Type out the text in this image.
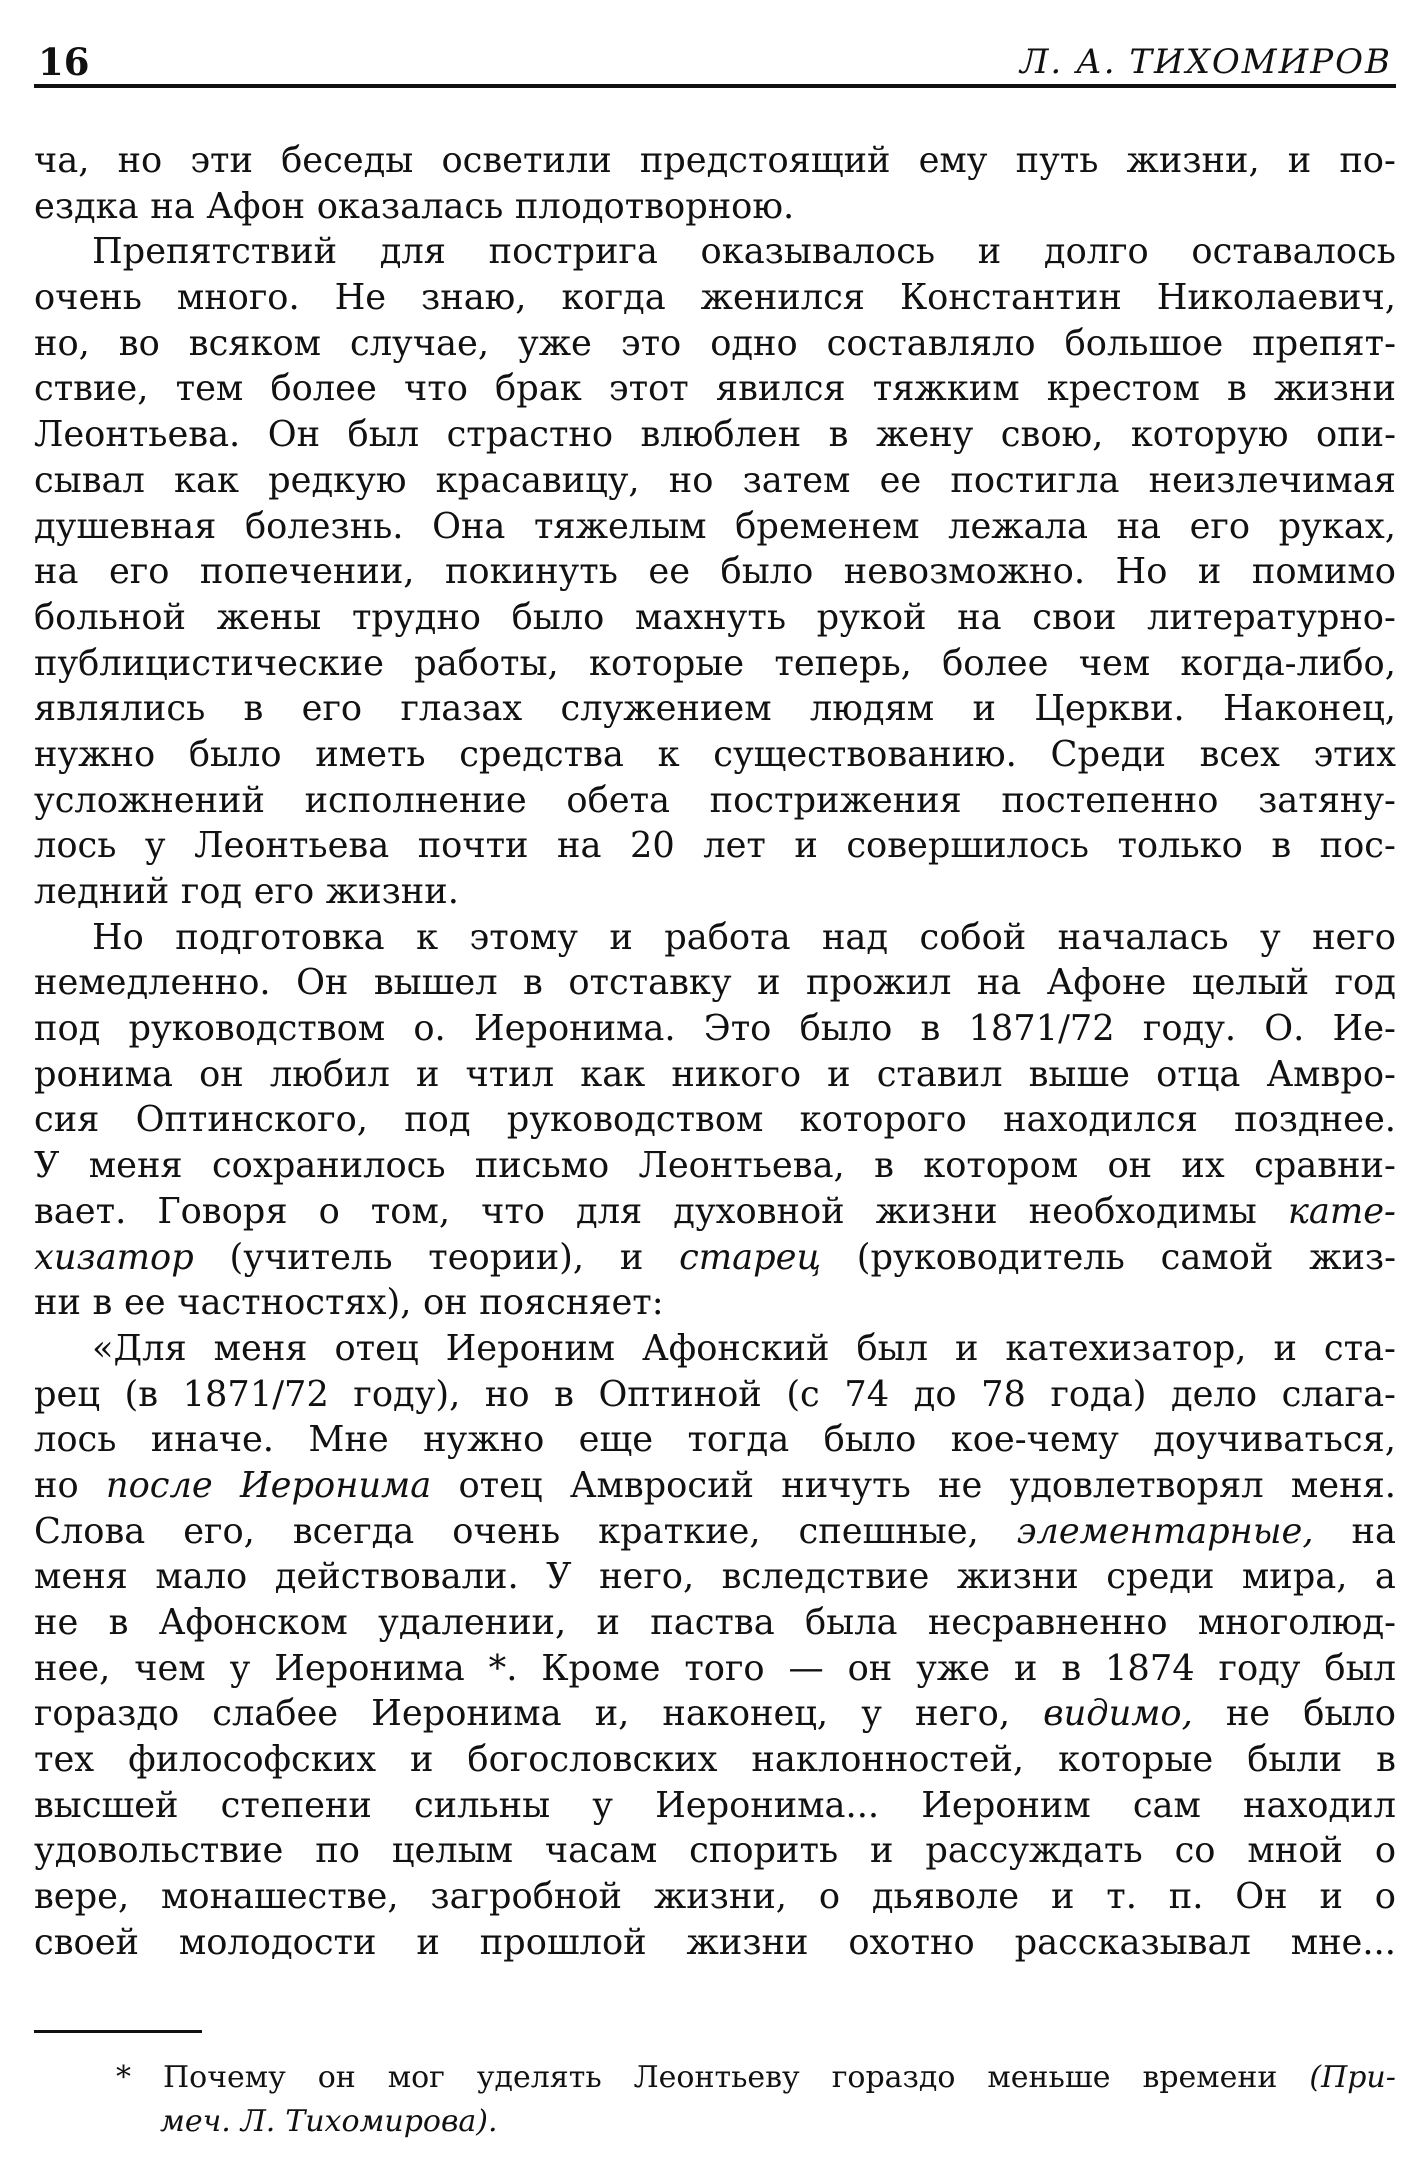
16	Л. А. ТИХОМИРОВ
ча, но эти беседы осветили предстоящий ему путь жизни, и по-
ездка на Афон оказалась плодотворною.
Препятствий для пострига оказывалось и долго оставалось
очень много. Не знаю, когда женился Константин Николаевич,
но, во всяком случае, уже это одно составляло большое препят-
ствие, тем более что брак этот явился тяжким крестом в жизни
Леонтьева. Он был страстно влюблен в жену свою, которую опи-
сывал как редкую красавицу, но затем ее постигла неизлечимая
душевная болезнь. Она тяжелым бременем лежала на его руках,
на его попечении, покинуть ее было невозможно. Но и помимо
больной жены трудно было махнуть рукой на свои литературно-
публицистические работы, которые теперь, более чем когда-либо,
являлись в его глазах служением людям и Церкви. Наконец,
нужно было иметь средства к существованию. Среди всех этих
усложнений исполнение обета пострижения постепенно затяну-
лось у Леонтьева почти на 20 лет и совершилось только в пос-
ледний год его жизни.
Но подготовка к этому и работа над собой началась у него
немедленно. Он вышел в отставку и прожил на Афоне целый год
под руководством о. Иеронима. Это было в 1871/72 году. О. Ие-
ронима он любил и чтил как никого и ставил выше отца Амвро-
сия Оптинского, под руководством которого находился позднее.
У меня сохранилось письмо Леонтьева, в котором он их сравни-
вает. Говоря о том, что для духовной жизни необходимы кате-
хизатор (учитель теории), и старец (руководитель самой жиз-
ни в ее частностях), он поясняет:
«Для меня отец Иероним Афонский был и катехизатор, и ста-
рец (в 1871/72 году), но в Оптиной (с 74 до 78 года) дело слага-
лось иначе. Мне нужно еще тогда было кое-чему доучиваться,
но после Иеронима отец Амвросий ничуть не удовлетворял меня.
Слова его, всегда очень краткие, спешные, элементарные, на
меня мало действовали. У него, вследствие жизни среди мира, а
не в Афонском удалении, и паства была несравненно многолюд-
нее, чем у Иеронима *. Кроме того — он уже и в 1874 году был
гораздо слабее Иеронима и, наконец, у него, видимо, не было
тех философских и богословских наклонностей, которые были в
высшей степени сильны у Иеронима... Иероним сам находил
удовольствие по целым часам спорить и рассуждать со мной о
вере, монашестве, загробной жизни, о дьяволе и т. п. Он и о
своей молодости и прошлой жизни охотно рассказывал мне...
* Почему он мог уделять Леонтьеву гораздо меньше времени (При-
меч. Л. Тихомирова).
